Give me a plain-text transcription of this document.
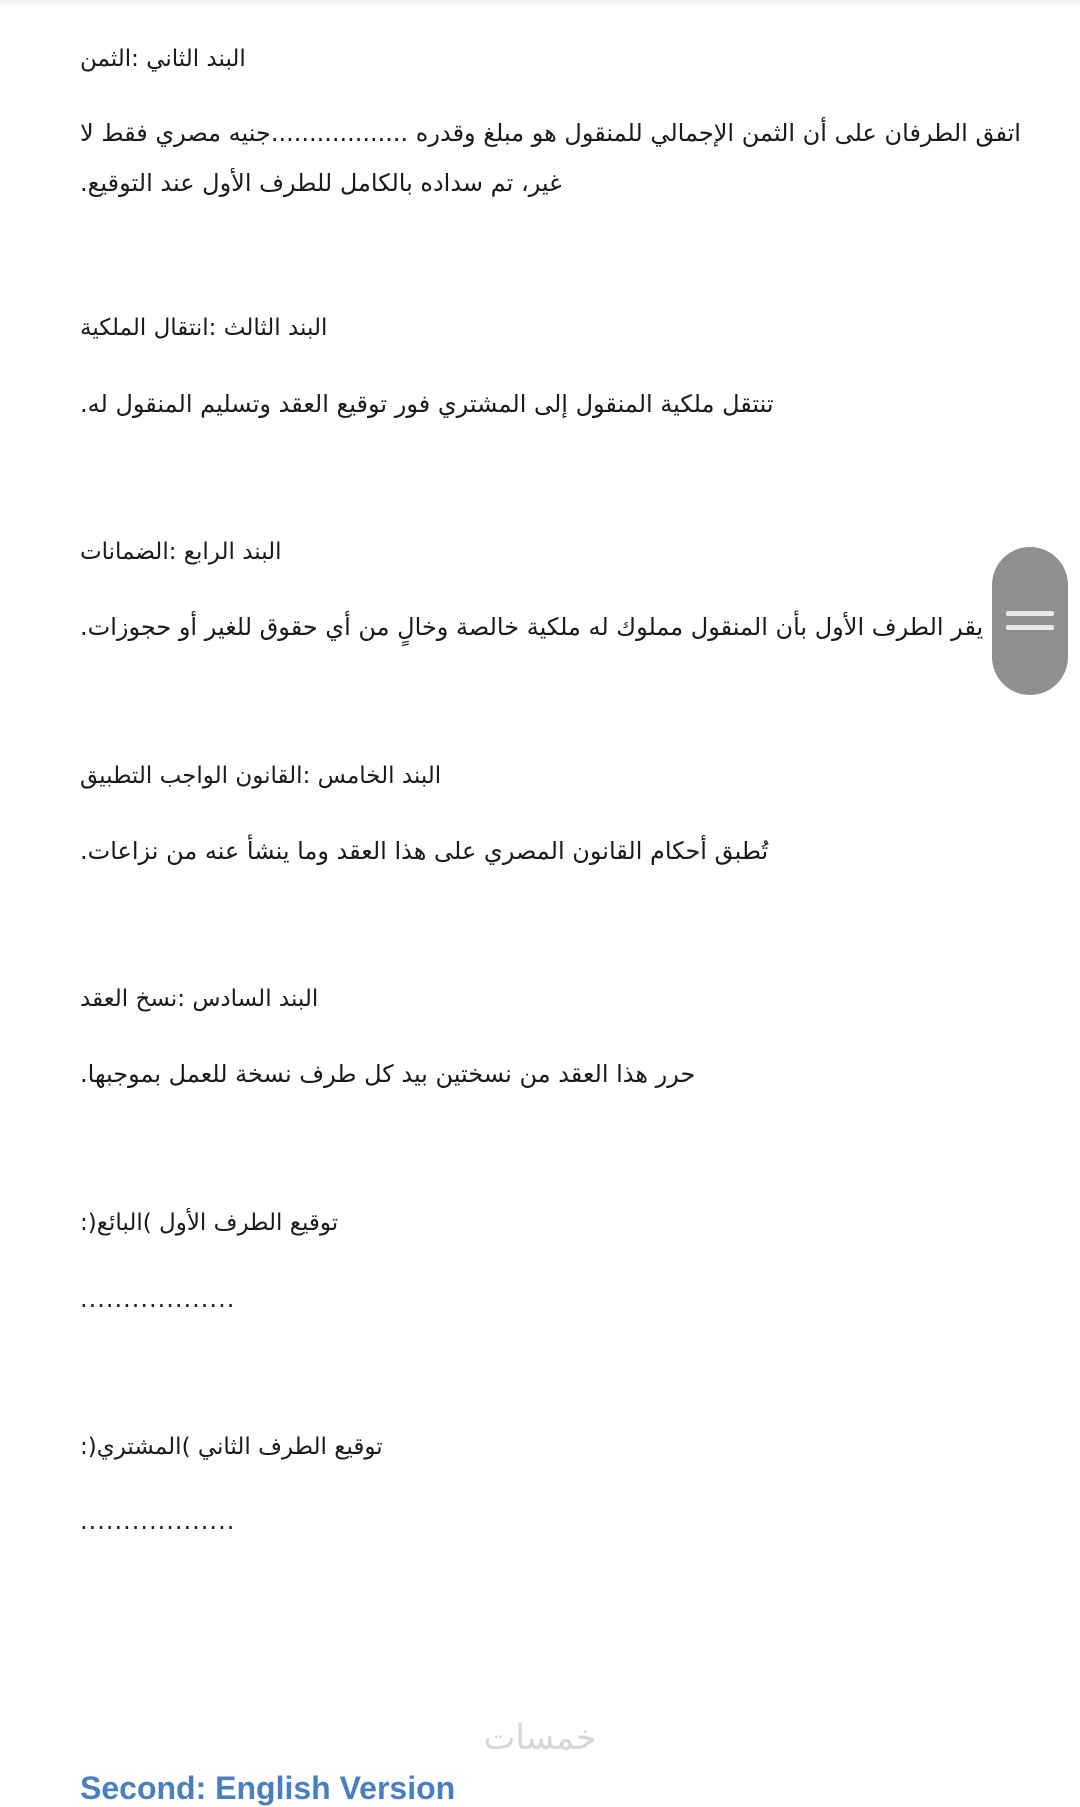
البند الثاني :الثمن
اتفق الطرفان على أن الثمن الإجمالي للمنقول هو مبلغ وقدره ..................جنيه مصري فقط لا
غير، تم سداده بالكامل للطرف الأول عند التوقيع.
البند الثالث :انتقال الملكية
تنتقل ملكية المنقول إلى المشتري فور توقيع العقد وتسليم المنقول له.
البند الرابع :الضمانات
يقر الطرف الأول بأن المنقول مملوك له ملكية خالصة وخالٍ من أي حقوق للغير أو حجوزات.
البند الخامس :القانون الواجب التطبيق
تُطبق أحكام القانون المصري على هذا العقد وما ينشأ عنه من نزاعات.
البند السادس :نسخ العقد
حرر هذا العقد من نسختين بيد كل طرف نسخة للعمل بموجبها.
توقيع الطرف الأول )البائع(:
..................
توقيع الطرف الثاني )المشتري(:
..................
خمسات
Second: English Version
